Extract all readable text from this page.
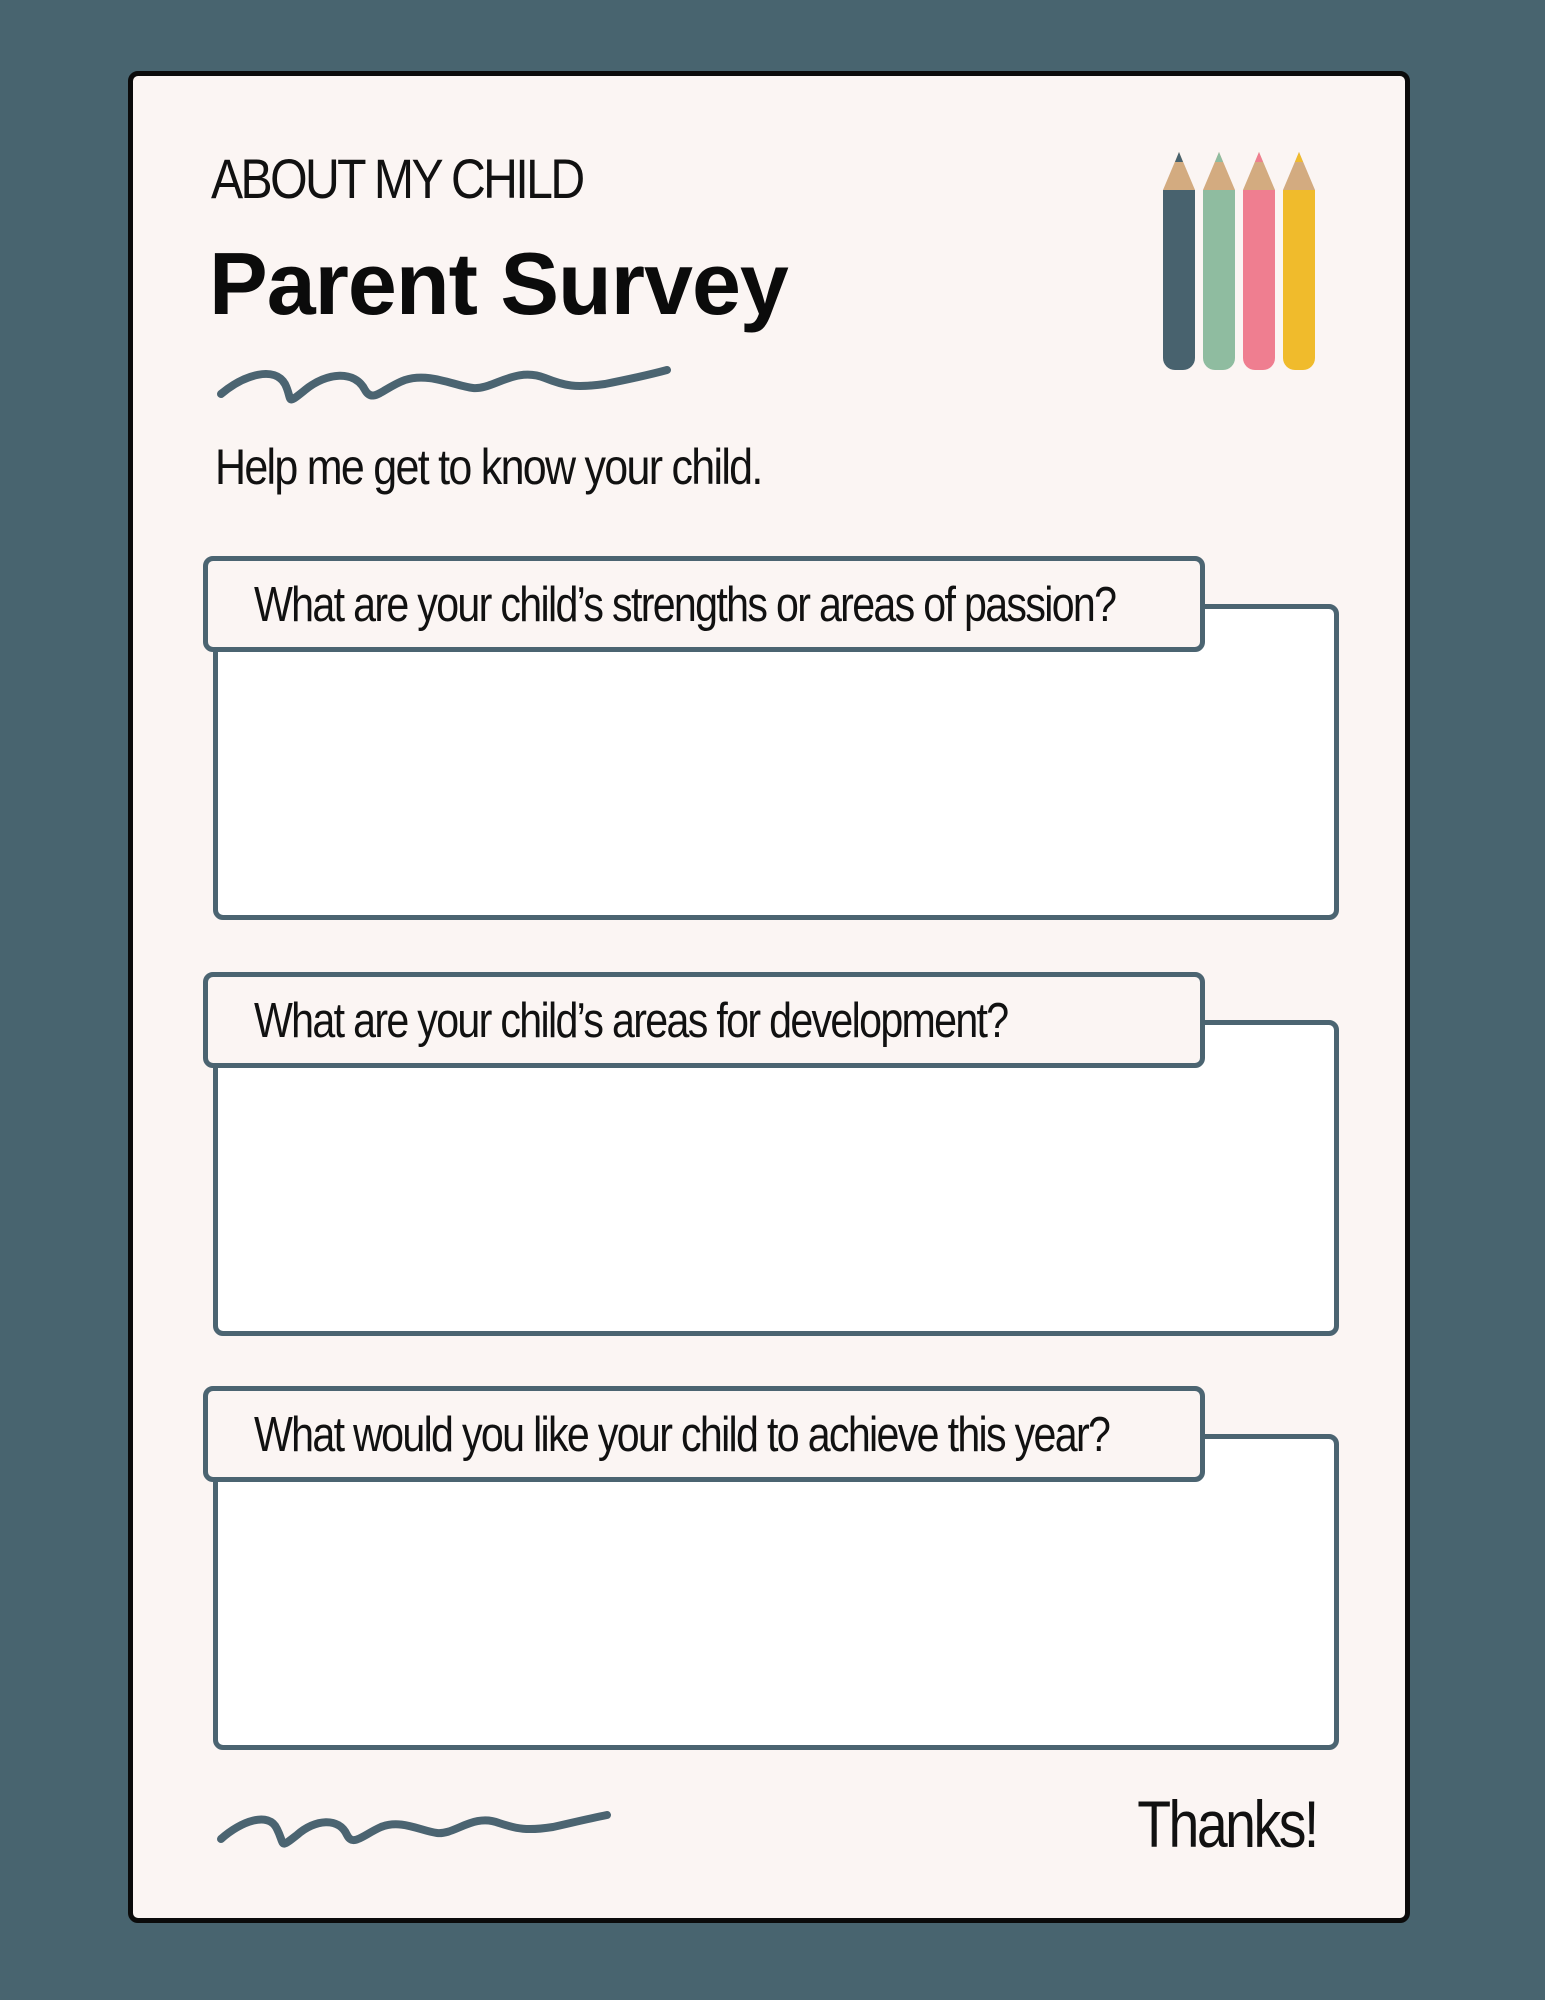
ABOUT MY CHILD
Parent Survey
Help me get to know your child.
What are your child’s strengths or areas of passion?
What are your child’s areas for development?
What would you like your child to achieve this year?
Thanks!
